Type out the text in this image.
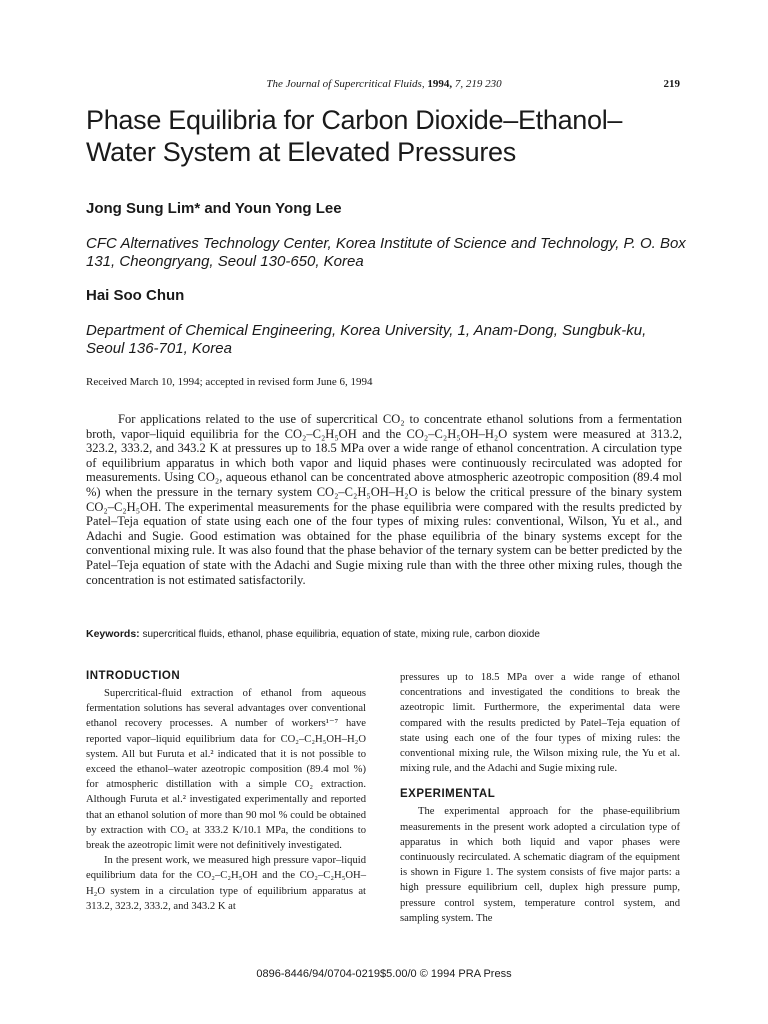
The Journal of Supercritical Fluids, 1994, 7, 219 230	219
Phase Equilibria for Carbon Dioxide–Ethanol–Water System at Elevated Pressures
Jong Sung Lim* and Youn Yong Lee
CFC Alternatives Technology Center, Korea Institute of Science and Technology, P. O. Box 131, Cheongryang, Seoul 130-650, Korea
Hai Soo Chun
Department of Chemical Engineering, Korea University, 1, Anam-Dong, Sungbuk-ku, Seoul 136-701, Korea
Received March 10, 1994; accepted in revised form June 6, 1994

For applications related to the use of supercritical CO₂ to concentrate ethanol solutions from a fermentation broth, vapor–liquid equilibria for the CO₂–C₂H₅OH and the CO₂–C₂H₅OH–H₂O system were measured at 313.2, 323.2, 333.2, and 343.2 K at pressures up to 18.5 MPa over a wide range of ethanol concentration. A circulation type of equilibrium apparatus in which both vapor and liquid phases were continuously recirculated was adopted for measurements. Using CO₂, aqueous ethanol can be concentrated above atmospheric azeotropic composition (89.4 mol %) when the pressure in the ternary system CO₂–C₂H₅OH–H₂O is below the critical pressure of the binary system CO₂–C₂H₅OH. The experimental measurements for the phase equilibria were compared with the results predicted by Patel–Teja equation of state using each one of the four types of mixing rules: conventional, Wilson, Yu et al., and Adachi and Sugie. Good estimation was obtained for the phase equilibria of the binary systems except for the conventional mixing rule. It was also found that the phase behavior of the ternary system can be better predicted by the Patel–Teja equation of state with the Adachi and Sugie mixing rule than with the three other mixing rules, though the concentration is not estimated satisfactorily.

Keywords: supercritical fluids, ethanol, phase equilibria, equation of state, mixing rule, carbon dioxide
INTRODUCTION

Supercritical-fluid extraction of ethanol from aqueous fermentation solutions has several advantages over conventional ethanol recovery processes. A number of workers¹⁻⁷ have reported vapor–liquid equilibrium data for CO₂–C₂H₅OH–H₂O system. All but Furuta et al.² indicated that it is not possible to exceed the ethanol–water azeotropic composition (89.4 mol %) for atmospheric distillation with a simple CO₂ extraction. Although Furuta et al.² investigated experimentally and reported that an ethanol solution of more than 90 mol % could be obtained by extraction with CO₂ at 333.2 K/10.1 MPa, the conditions to break the azeotropic limit were not definitively investigated.

In the present work, we measured high pressure vapor–liquid equilibrium data for the CO₂–C₂H₅OH and the CO₂–C₂H₅OH–H₂O system in a circulation type of equilibrium apparatus at 313.2, 323.2, 333.2, and 343.2 K at

pressures up to 18.5 MPa over a wide range of ethanol concentrations and investigated the conditions to break the azeotropic limit. Furthermore, the experimental data were compared with the results predicted by Patel–Teja equation of state using each one of the four types of mixing rules: the conventional mixing rule, the Wilson mixing rule, the Yu et al. mixing rule, and the Adachi and Sugie mixing rule.

EXPERIMENTAL

The experimental approach for the phase-equilibrium measurements in the present work adopted a circulation type of apparatus in which both liquid and vapor phases were continuously recirculated. A schematic diagram of the equipment is shown in Figure 1. The system consists of five major parts: a high pressure equilibrium cell, duplex high pressure pump, pressure control system, temperature control system, and sampling system. The

0896-8446/94/0704-0219$5.00/0 © 1994 PRA Press
